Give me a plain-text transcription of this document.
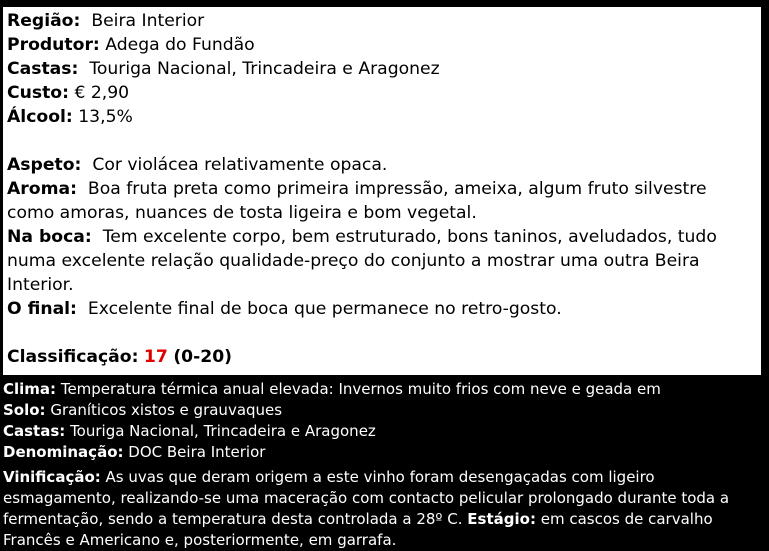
Região: Beira Interior

Produtor: Adega do Fundão

Castas: Touriga Nacional, Trincadeira e Aragonez

Custo: € 2,90

Álcool: 13,5%

Aspeto: Cor violácea relativamente opaca.

Aroma: Boa fruta preta como primeira impressão, ameixa, algum fruto silvestre como amoras, nuances de tosta ligeira e bom vegetal.

Na boca: Tem excelente corpo, bem estruturado, bons taninos, aveludados, tudo numa excelente relação qualidade-preço do conjunto a mostrar uma outra Beira Interior.

O final: Excelente final de boca que permanece no retro-gosto.

Classificação: 17 (0-20)

Clima: Temperatura térmica anual elevada: Invernos muito frios com neve e geada em

Solo: Graníticos xistos e grauvaques

Castas: Touriga Nacional, Trincadeira e Aragonez

Denominação: DOC Beira Interior

Vinificação: As uvas que deram origem a este vinho foram desengaçadas com ligeiro esmagamento, realizando-se uma maceração com contacto pelicular prolongado durante toda a fermentação, sendo a temperatura desta controlada a 28º C. Estágio: em cascos de carvalho Francês e Americano e, posteriormente, em garrafa.
